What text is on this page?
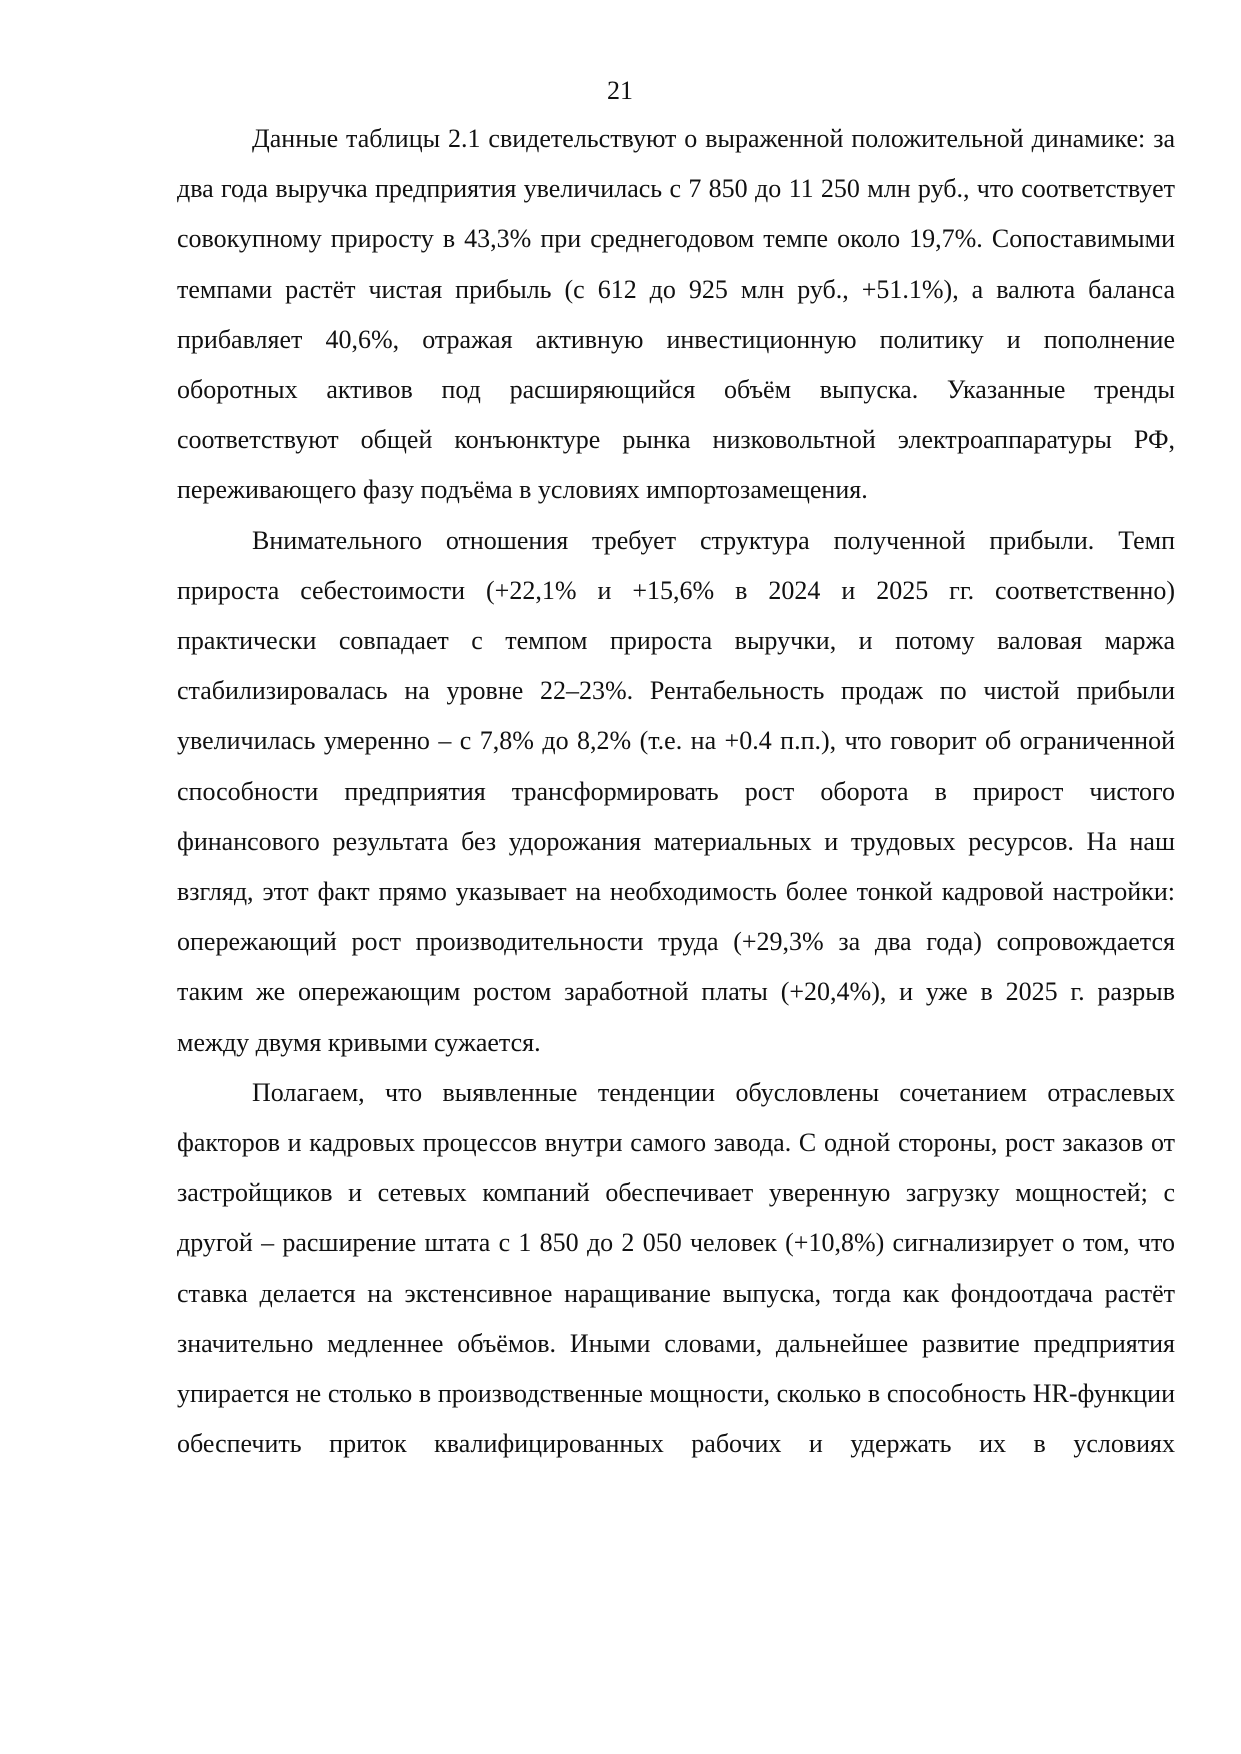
21

Данные таблицы 2.1 свидетельствуют о выраженной положительной динамике: за два года выручка предприятия увеличилась с 7 850 до 11 250 млн руб., что соответствует совокупному приросту в 43,3% при среднегодовом темпе около 19,7%. Сопоставимыми темпами растёт чистая прибыль (с 612 до 925 млн руб., +51.1%), а валюта баланса прибавляет 40,6%, отражая активную инвестиционную политику и пополнение оборотных активов под расширяющийся объём выпуска. Указанные тренды соответствуют общей конъюнктуре рынка низковольтной электроаппаратуры РФ, переживающего фазу подъёма в условиях импортозамещения.

Внимательного отношения требует структура полученной прибыли. Темп прироста себестоимости (+22,1% и +15,6% в 2024 и 2025 гг. соответственно) практически совпадает с темпом прироста выручки, и потому валовая маржа стабилизировалась на уровне 22–23%. Рентабельность продаж по чистой прибыли увеличилась умеренно – с 7,8% до 8,2% (т.е. на +0.4 п.п.), что говорит об ограниченной способности предприятия трансформировать рост оборота в прирост чистого финансового результата без удорожания материальных и трудовых ресурсов. На наш взгляд, этот факт прямо указывает на необходимость более тонкой кадровой настройки: опережающий рост производительности труда (+29,3% за два года) сопровождается таким же опережающим ростом заработной платы (+20,4%), и уже в 2025 г. разрыв между двумя кривыми сужается.

Полагаем, что выявленные тенденции обусловлены сочетанием отраслевых факторов и кадровых процессов внутри самого завода. С одной стороны, рост заказов от застройщиков и сетевых компаний обеспечивает уверенную загрузку мощностей; с другой – расширение штата с 1 850 до 2 050 человек (+10,8%) сигнализирует о том, что ставка делается на экстенсивное наращивание выпуска, тогда как фондоотдача растёт значительно медленнее объёмов. Иными словами, дальнейшее развитие предприятия упирается не столько в производственные мощности, сколько в способность HR-функции обеспечить приток квалифицированных рабочих и удержать их в условиях
